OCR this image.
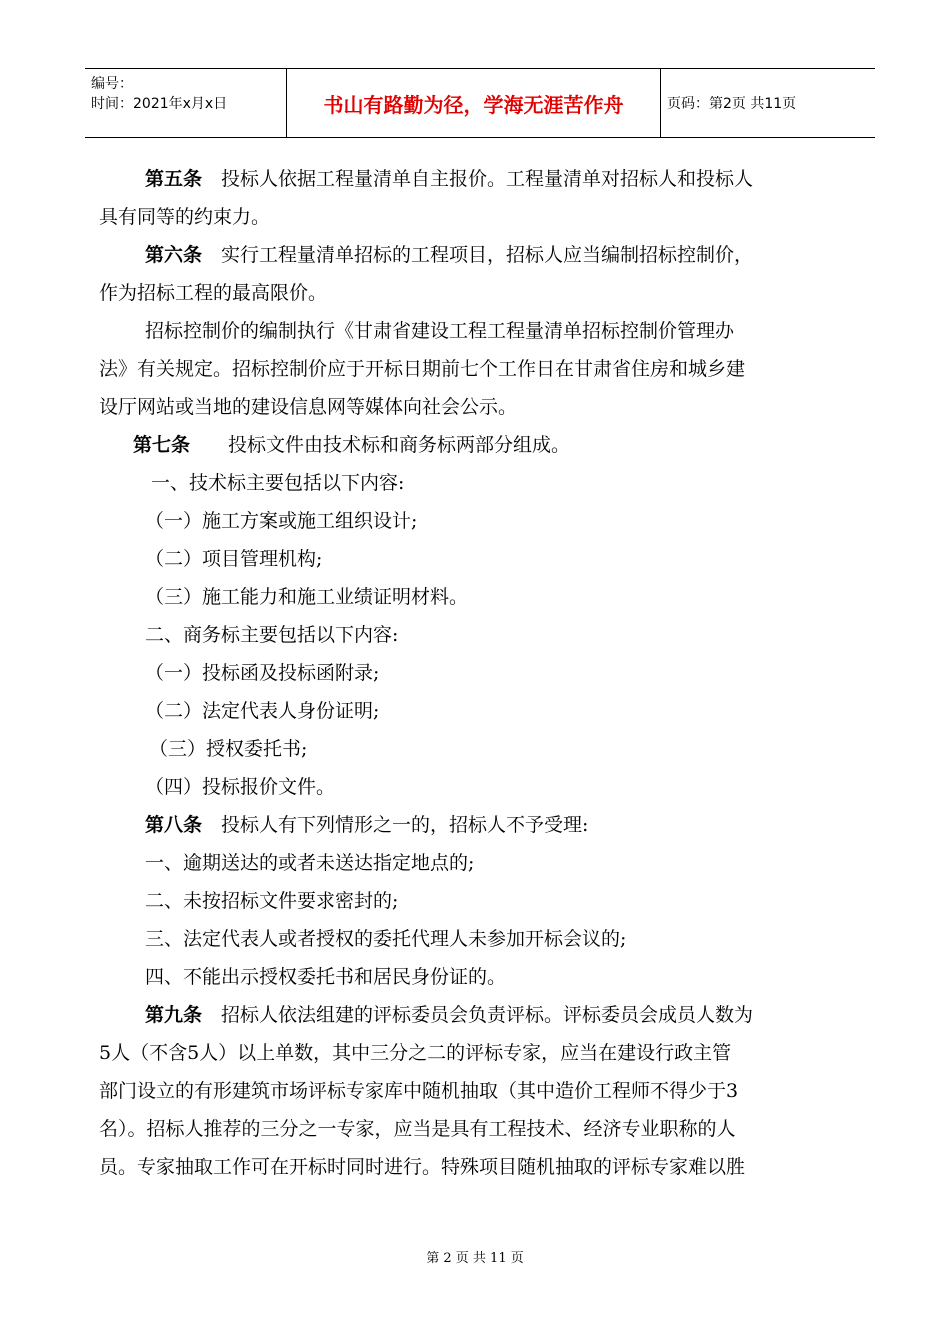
编号：
时间：2021年x月x日	书山有路勤为径，学海无涯苦作舟	页码：第2页 共11页

第五条　 投标人依据工程量清单自主报价。工程量清单对招标人和投标人

具有同等的约束力。

第六条　 实行工程量清单招标的工程项目，招标人应当编制招标控制价，

作为招标工程的最高限价。

招标控制价的编制执行《甘肃省建设工程工程量清单招标控制价管理办

法》有关规定。招标控制价应于开标日期前七个工作日在甘肃省住房和城乡建

设厅网站或当地的建设信息网等媒体向社会公示。

第七条　　 投标文件由技术标和商务标两部分组成。

一、技术标主要包括以下内容:

（一）施工方案或施工组织设计;

（二）项目管理机构;

（三）施工能力和施工业绩证明材料。

二、商务标主要包括以下内容:

（一）投标函及投标函附录;

（二）法定代表人身份证明;

（三）授权委托书;

（四）投标报价文件。

第八条　 投标人有下列情形之一的，招标人不予受理:

一、逾期送达的或者未送达指定地点的;

二、未按招标文件要求密封的;

三、法定代表人或者授权的委托代理人未参加开标会议的;

四、不能出示授权委托书和居民身份证的。

第九条　 招标人依法组建的评标委员会负责评标。评标委员会成员人数为

5人（不含5人）以上单数，其中三分之二的评标专家，应当在建设行政主管

部门设立的有形建筑市场评标专家库中随机抽取（其中造价工程师不得少于3

名）。招标人推荐的三分之一专家，应当是具有工程技术、经济专业职称的人

员。专家抽取工作可在开标时同时进行。特殊项目随机抽取的评标专家难以胜

第 2 页 共 11 页
